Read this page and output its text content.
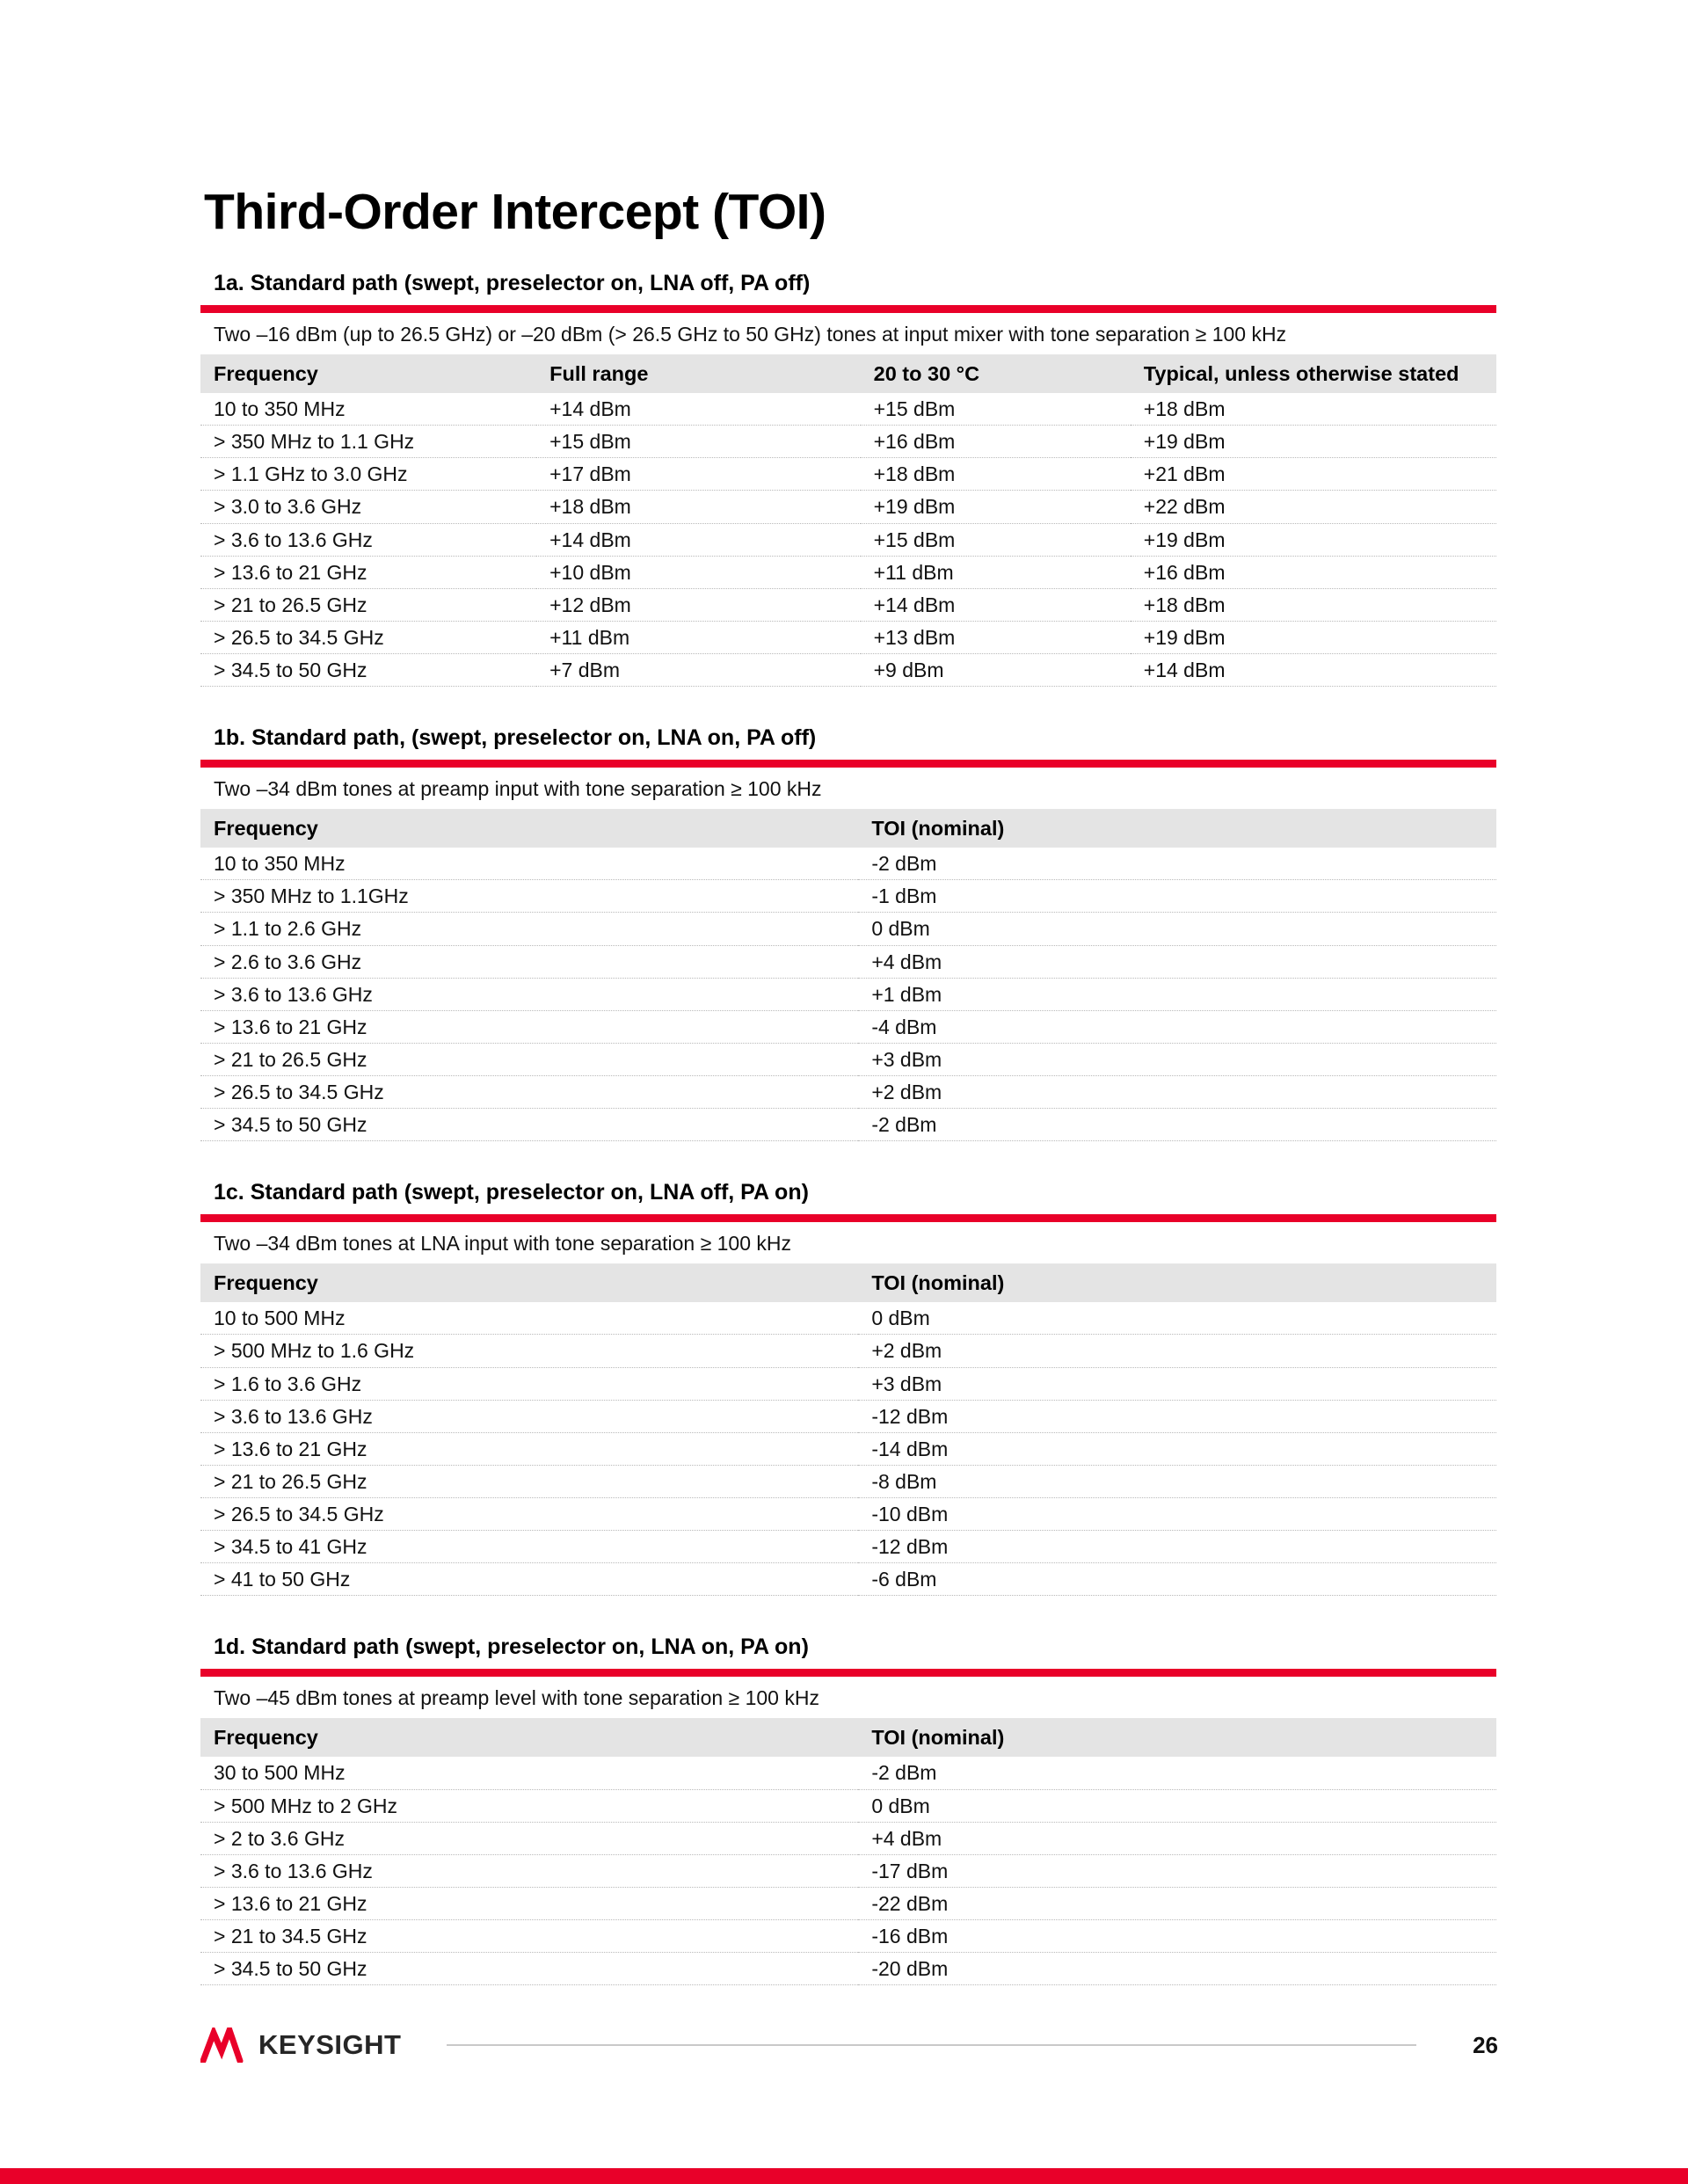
Third-Order Intercept (TOI)
1a. Standard path (swept, preselector on, LNA off, PA off)

Two –16 dBm (up to 26.5 GHz) or –20 dBm (> 26.5 GHz to 50 GHz) tones at input mixer with tone separation ≥ 100 kHz

Frequency	Full range	20 to 30 °C	Typical, unless otherwise stated
10 to 350 MHz	+14 dBm	+15 dBm	+18 dBm
> 350 MHz to 1.1 GHz	+15 dBm	+16 dBm	+19 dBm
> 1.1 GHz to 3.0 GHz	+17 dBm	+18 dBm	+21 dBm
> 3.0 to 3.6 GHz	+18 dBm	+19 dBm	+22 dBm
> 3.6 to 13.6 GHz	+14 dBm	+15 dBm	+19 dBm
> 13.6 to 21 GHz	+10 dBm	+11 dBm	+16 dBm
> 21 to 26.5 GHz	+12 dBm	+14 dBm	+18 dBm
> 26.5 to 34.5 GHz	+11 dBm	+13 dBm	+19 dBm
> 34.5 to 50 GHz	+7 dBm	+9 dBm	+14 dBm
1b. Standard path, (swept, preselector on, LNA on, PA off)

Two –34 dBm tones at preamp input with tone separation ≥ 100 kHz

Frequency	TOI (nominal)
10 to 350 MHz	-2 dBm
> 350 MHz to 1.1GHz	-1 dBm
> 1.1 to 2.6 GHz	0 dBm
> 2.6 to 3.6 GHz	+4 dBm
> 3.6 to 13.6 GHz	+1 dBm
> 13.6 to 21 GHz	-4 dBm
> 21 to 26.5 GHz	+3 dBm
> 26.5 to 34.5 GHz	+2 dBm
> 34.5 to 50 GHz	-2 dBm
1c. Standard path (swept, preselector on, LNA off, PA on)

Two –34 dBm tones at LNA input with tone separation ≥ 100 kHz

Frequency	TOI (nominal)
10 to 500 MHz	0 dBm
> 500 MHz to 1.6 GHz	+2 dBm
> 1.6 to 3.6 GHz	+3 dBm
> 3.6 to 13.6 GHz	-12 dBm
> 13.6 to 21 GHz	-14 dBm
> 21 to 26.5 GHz	-8 dBm
> 26.5 to 34.5 GHz	-10 dBm
> 34.5 to 41 GHz	-12 dBm
> 41 to 50 GHz	-6 dBm
1d. Standard path (swept, preselector on, LNA on, PA on)

Two –45 dBm tones at preamp level with tone separation ≥ 100 kHz

Frequency	TOI (nominal)
30 to 500 MHz	-2 dBm
> 500 MHz to 2 GHz	0 dBm
> 2 to 3.6 GHz	+4 dBm
> 3.6 to 13.6 GHz	-17 dBm
> 13.6 to 21 GHz	-22 dBm
> 21 to 34.5 GHz	-16 dBm
> 34.5 to 50 GHz	-20 dBm
KEYSIGHT	26
